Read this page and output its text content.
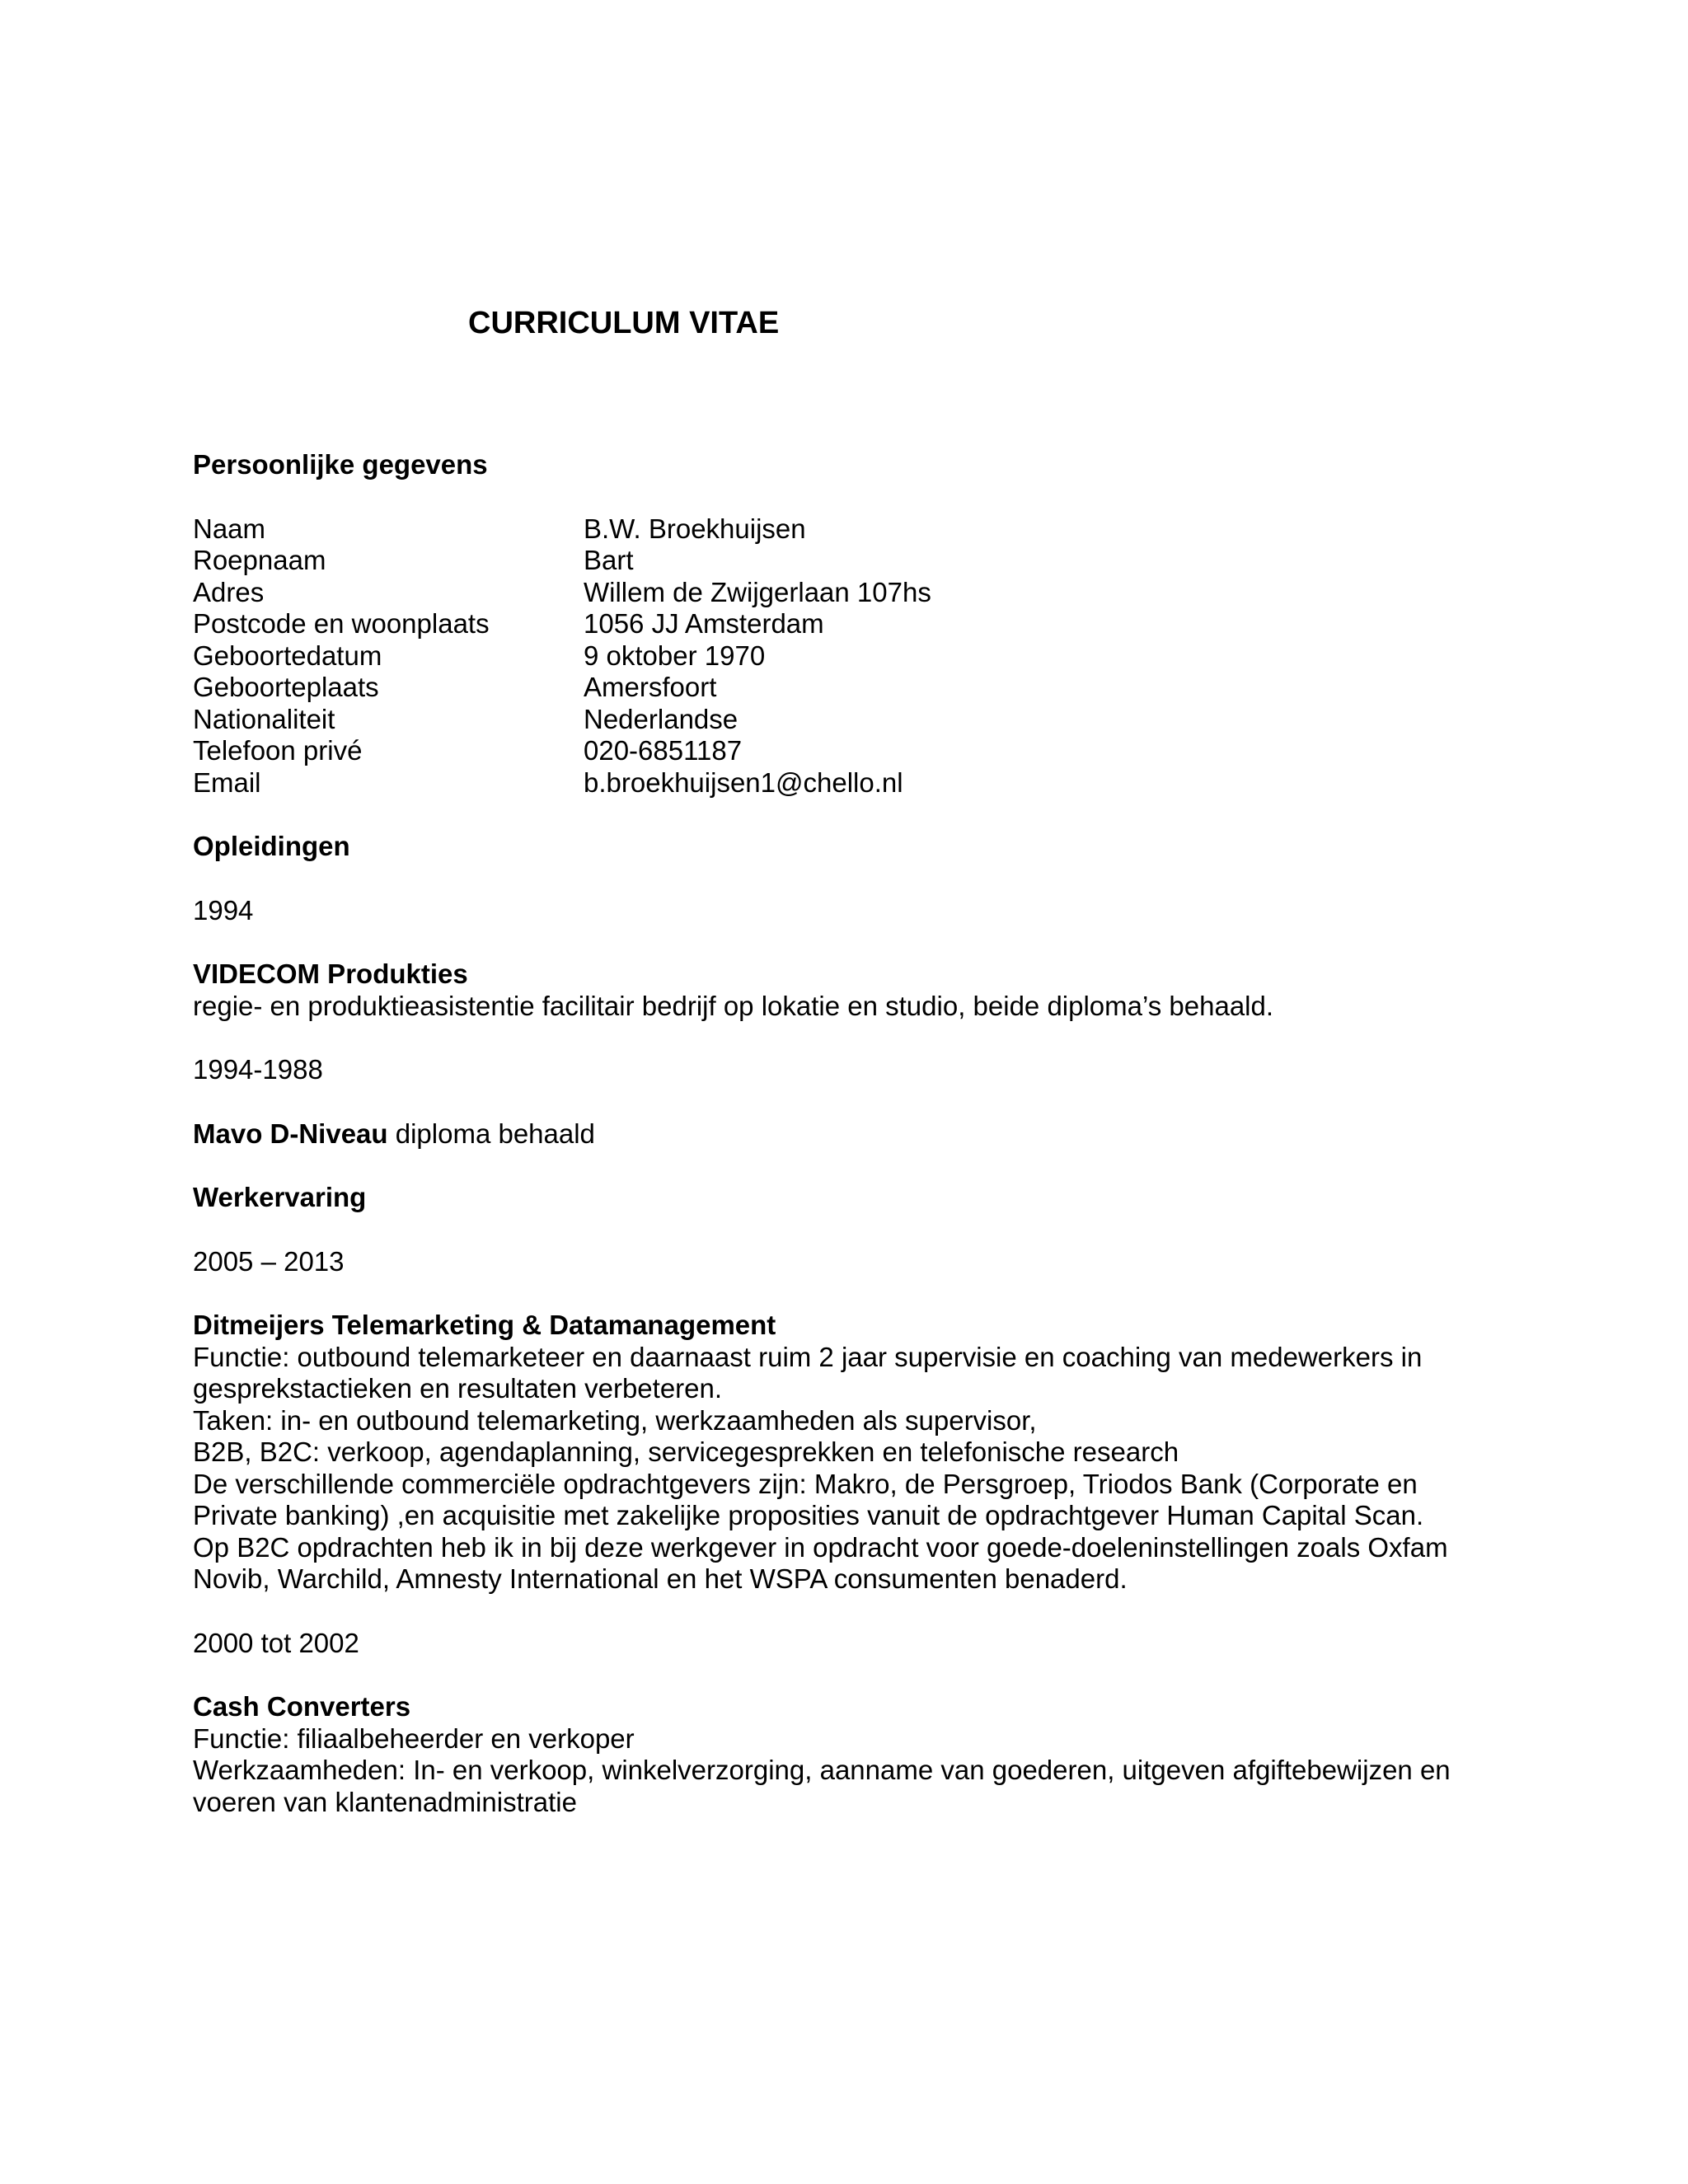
CURRICULUM VITAE
Persoonlijke gegevens
Naam	B.W. Broekhuijsen
Roepnaam	Bart
Adres	Willem de Zwijgerlaan 107hs
Postcode en woonplaats	1056 JJ Amsterdam
Geboortedatum	9 oktober 1970
Geboorteplaats	Amersfoort
Nationaliteit	Nederlandse
Telefoon privé	020-6851187
Email	b.broekhuijsen1@chello.nl
Opleidingen
1994
VIDECOM Produkties
regie- en produktieasistentie facilitair bedrijf op lokatie en studio, beide diploma’s behaald.
1994-1988
Mavo D-Niveau diploma behaald
Werkervaring
2005 – 2013
Ditmeijers Telemarketing & Datamanagement
Functie: outbound telemarketeer en daarnaast ruim 2 jaar supervisie en coaching van medewerkers in
gesprekstactieken en resultaten verbeteren.
Taken: in- en outbound telemarketing, werkzaamheden als supervisor,
B2B, B2C: verkoop, agendaplanning, servicegesprekken en telefonische research
De verschillende commerciële opdrachtgevers zijn: Makro, de Persgroep, Triodos Bank (Corporate en
Private banking) ,en acquisitie met zakelijke proposities vanuit de opdrachtgever Human Capital Scan.
Op B2C opdrachten heb ik in bij deze werkgever in opdracht voor goede-doeleninstellingen zoals Oxfam
Novib, Warchild, Amnesty International en het WSPA consumenten benaderd.
2000 tot 2002
Cash Converters
Functie: filiaalbeheerder en verkoper
Werkzaamheden: In- en verkoop, winkelverzorging, aanname van goederen, uitgeven afgiftebewijzen en
voeren van klantenadministratie
